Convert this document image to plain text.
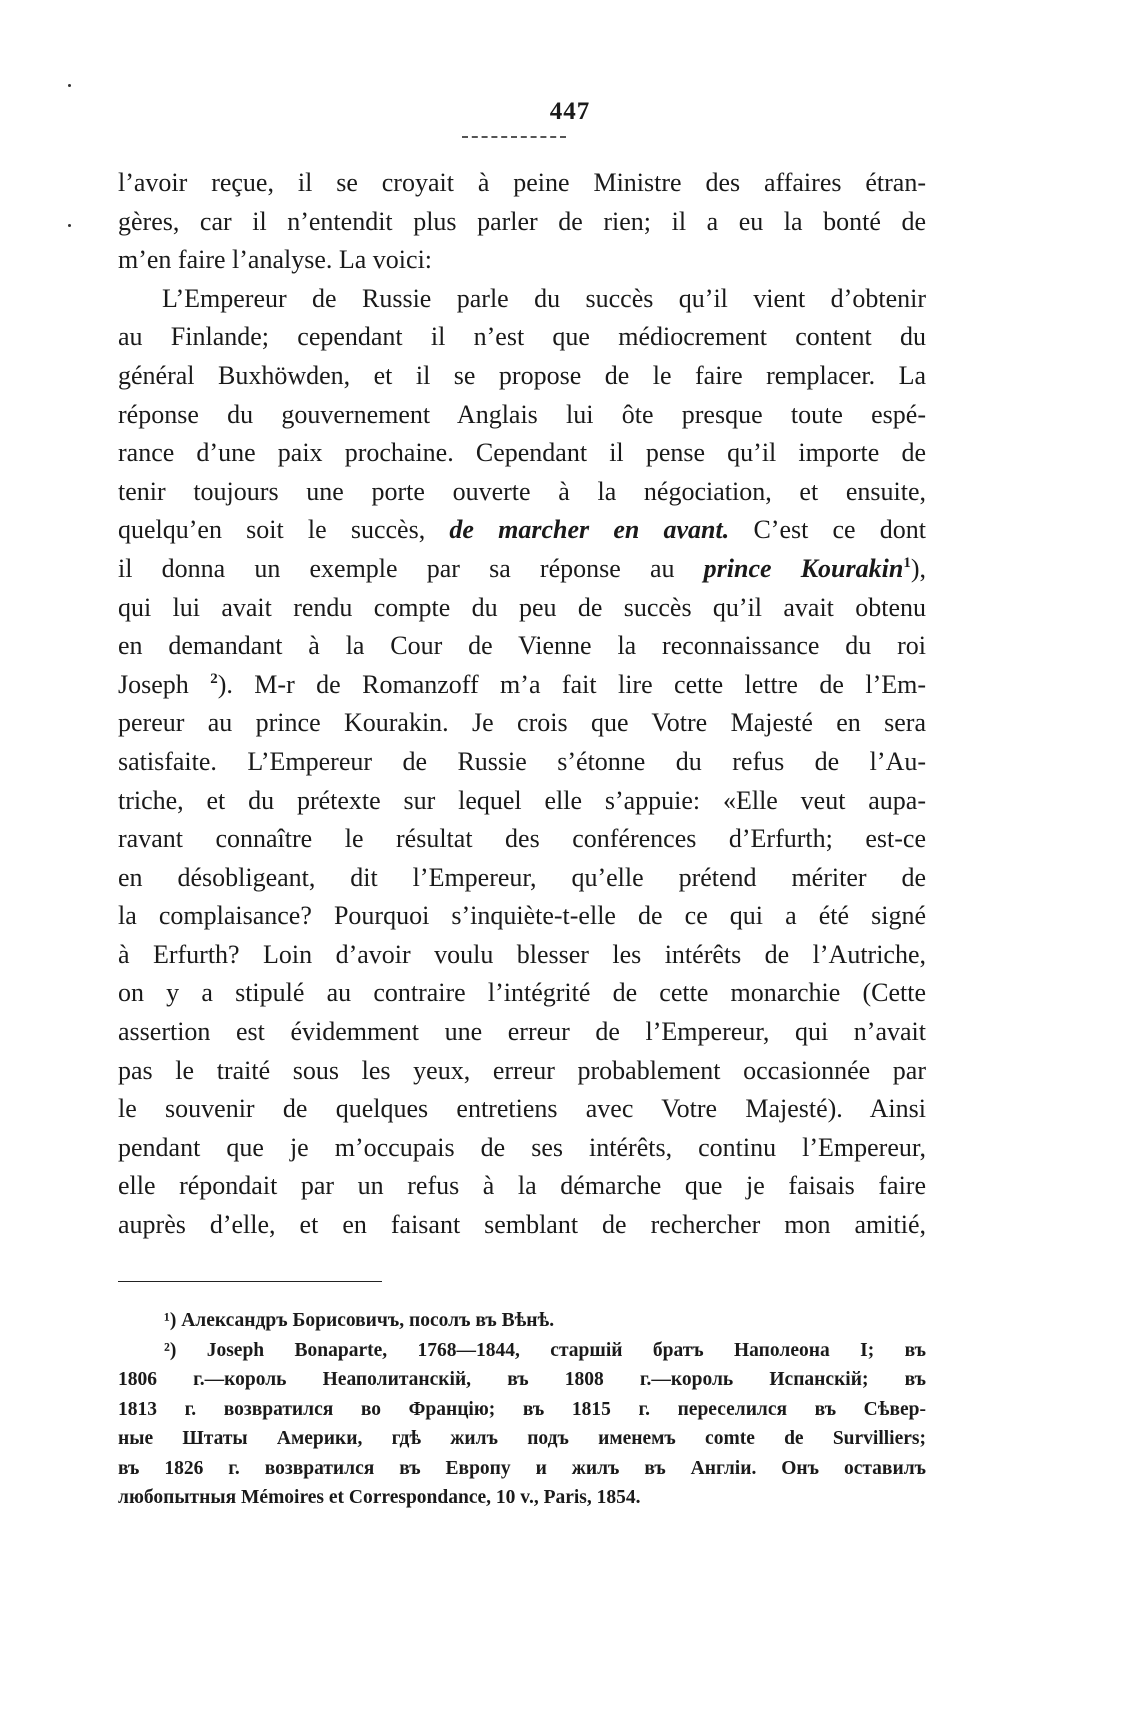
447
l’avoir reçue, il se croyait à peine Ministre des affaires étran-
gères, car il n’entendit plus parler de rien; il a eu la bonté de
m’en faire l’analyse. La voici:
L’Empereur de Russie parle du succès qu’il vient d’obtenir
au Finlande; cependant il n’est que médiocrement content du
général Buxhöwden, et il se propose de le faire remplacer. La
réponse du gouvernement Anglais lui ôte presque toute espé-
rance d’une paix prochaine. Cependant il pense qu’il importe de
tenir toujours une porte ouverte à la négociation, et ensuite,
quelqu’en soit le succès, de marcher en avant. C’est ce dont
il donna un exemple par sa réponse au prince Kourakin$^1$),
qui lui avait rendu compte du peu de succès qu’il avait obtenu
en demandant à la Cour de Vienne la reconnaissance du roi
Joseph $^2$). M-r de Romanzoff m’a fait lire cette lettre de l’Em-
pereur au prince Kourakin. Je crois que Votre Majesté en sera
satisfaite. L’Empereur de Russie s’étonne du refus de l’Au-
triche, et du prétexte sur lequel elle s’appuie: «Elle veut aupa-
ravant connaître le résultat des conférences d’Erfurth; est-ce
en désobligeant, dit l’Empereur, qu’elle prétend mériter de
la complaisance? Pourquoi s’inquiète-t-elle de ce qui a été signé
à Erfurth? Loin d’avoir voulu blesser les intérêts de l’Autriche,
on y a stipulé au contraire l’intégrité de cette monarchie (Cette
assertion est évidemment une erreur de l’Empereur, qui n’avait
pas le traité sous les yeux, erreur probablement occasionnée par
le souvenir de quelques entretiens avec Votre Majesté). Ainsi
pendant que je m’occupais de ses intérêts, continu l’Empereur,
elle répondait par un refus à la démarche que je faisais faire
auprès d’elle, et en faisant semblant de rechercher mon amitié,
¹) Александръ Борисовичъ, посолъ въ Вѣнѣ.
²) Joseph Bonaparte, 1768—1844, старшій братъ Наполеона I; въ
1806 г.—король Неаполитанскій, въ 1808 г.—король Испанскій; въ
1813 г. возвратился во Францію; въ 1815 г. переселился въ Сѣвер-
ные Штаты Америки, гдѣ жилъ подъ именемъ comte de Survilliers;
въ 1826 г. возвратился въ Европу и жилъ въ Англіи. Онъ оставилъ
любопытныя Mémoires et Correspondance, 10 v., Paris, 1854.
